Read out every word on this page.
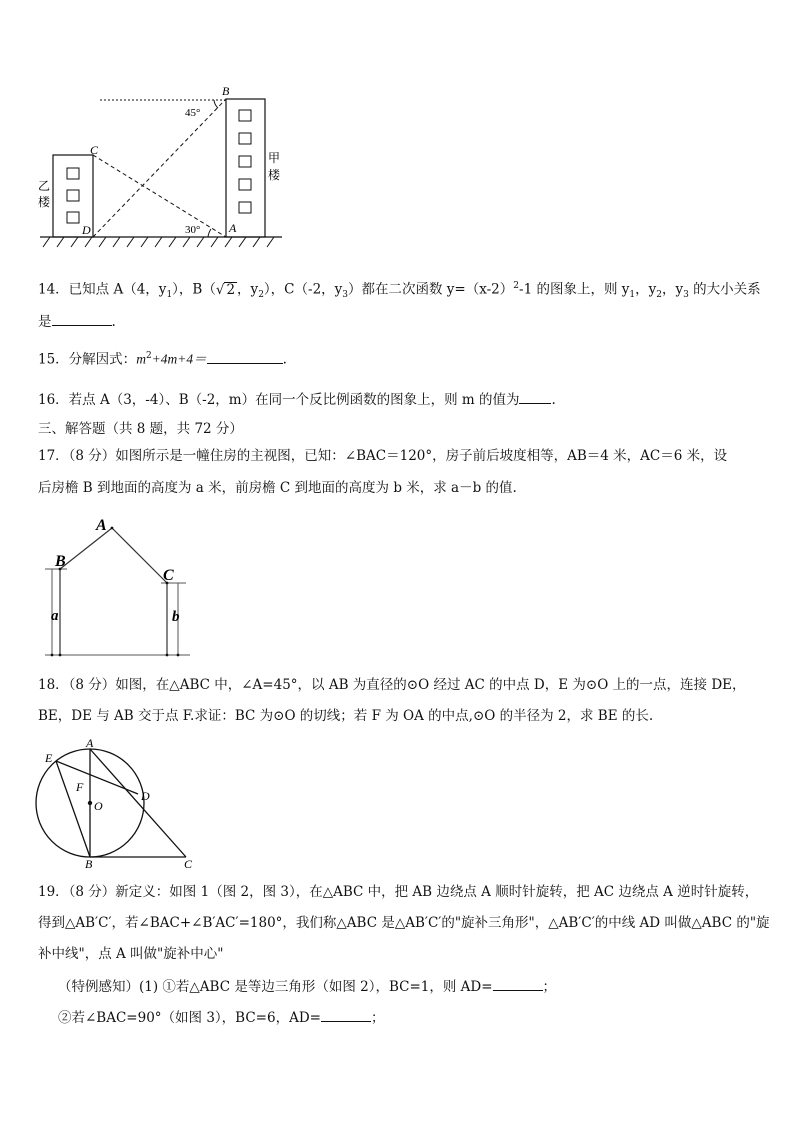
B
C
D	A
45°
30°
甲
楼
乙
楼
14．已知点 A（4，$y_1$），B（√ 2 ，$y_2$），C（-2，$y_3$）都在二次函数 $y=(x-2)^2-1$ 的图象上，则 $y_1$，$y_2$，$y_3$ 的大小关系
是	.
15．分解因式：$m^2+4m+4=$	.
16．若点 A（3，-4）、B（-2，m）在同一个反比例函数的图象上，则 m 的值为 .
三、解答题（共 8 题，共 72 分）
17．（8 分）如图所示是一幢住房的主视图，已知：∠BAC＝120°，房子前后坡度相等，AB＝4 米，AC＝6 米，设
后房檐 B 到地面的高度为 a 米，前房檐 C 到地面的高度为 b 米，求 a－b 的值.
A
B
C
a	b
18．（8 分）如图，在△ABC 中，∠A=45°，以 AB 为直径的⊙O 经过 AC 的中点 D，E 为⊙O 上的一点，连接 DE，
BE，DE 与 AB 交于点 F.求证：BC 为⊙O 的切线；若 F 为 OA 的中点,⊙O 的半径为 2，求 BE 的长.
A
B	C
D
E
F
O
19．（8 分）新定义：如图 1（图 2，图 3），在△ABC 中，把 AB 边绕点 A 顺时针旋转，把 AC 边绕点 A 逆时针旋转，
得到△AB′C′，若∠BAC+∠B′AC′=180°，我们称△ABC 是△AB′C′的"旋补三角形"，△AB′C′的中线 AD 叫做△ABC 的"旋
补中线"，点 A 叫做"旋补中心"
（特例感知）(1) ①若△ABC 是等边三角形（如图 2），BC=1，则 AD=	；
②若∠BAC=90°（如图 3），BC=6，AD=	；
